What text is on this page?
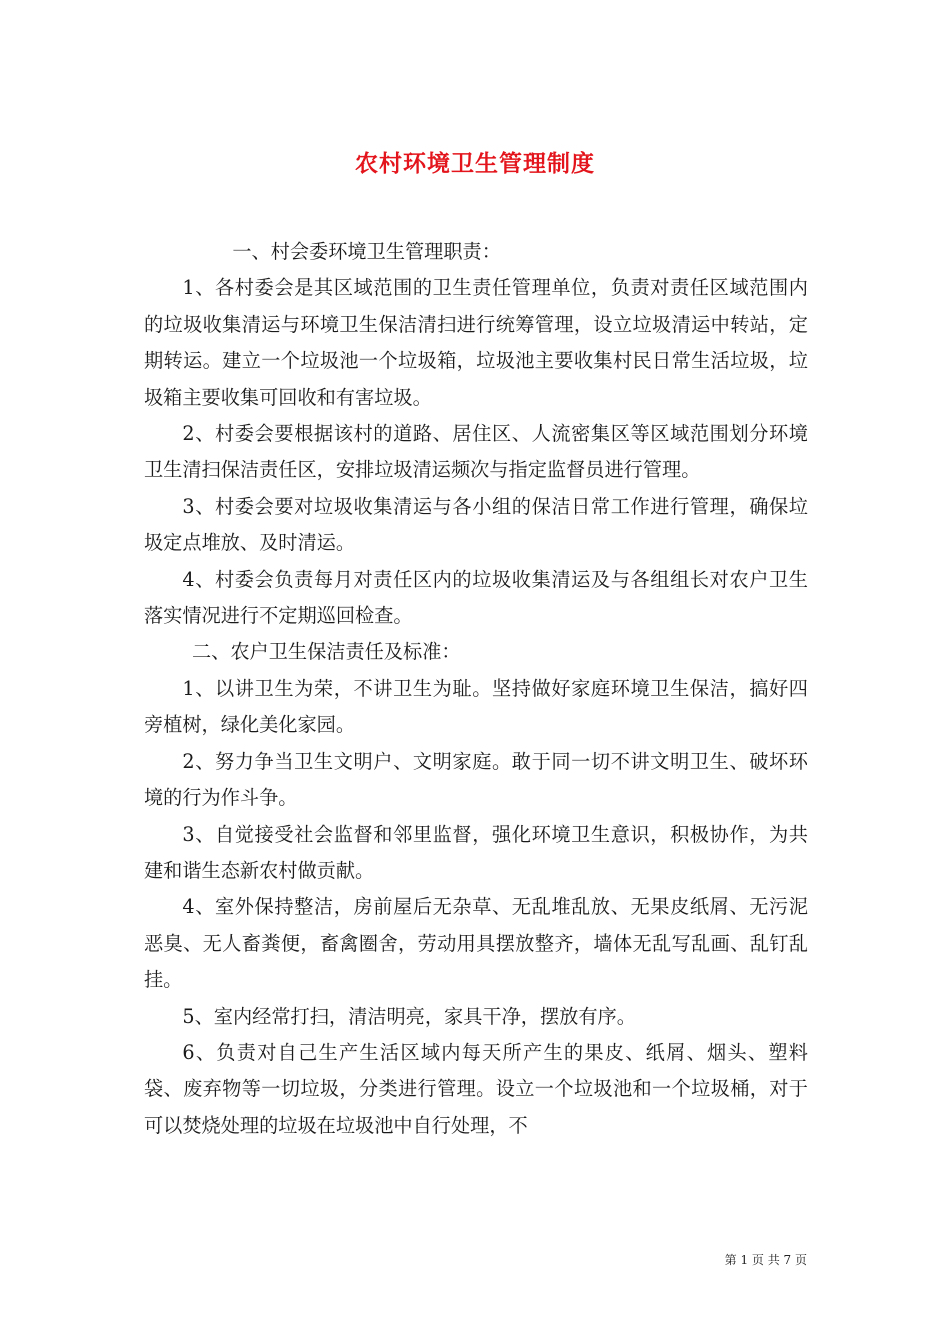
农村环境卫生管理制度

一、村会委环境卫生管理职责：

1、各村委会是其区域范围的卫生责任管理单位，负责对责任区域范围内的垃圾收集清运与环境卫生保洁清扫进行统筹管理，设立垃圾清运中转站，定期转运。建立一个垃圾池一个垃圾箱，垃圾池主要收集村民日常生活垃圾，垃圾箱主要收集可回收和有害垃圾。

2、村委会要根据该村的道路、居住区、人流密集区等区域范围划分环境卫生清扫保洁责任区，安排垃圾清运频次与指定监督员进行管理。

3、村委会要对垃圾收集清运与各小组的保洁日常工作进行管理，确保垃圾定点堆放、及时清运。

4、村委会负责每月对责任区内的垃圾收集清运及与各组组长对农户卫生落实情况进行不定期巡回检查。

二、农户卫生保洁责任及标准：

1、以讲卫生为荣，不讲卫生为耻。坚持做好家庭环境卫生保洁，搞好四旁植树，绿化美化家园。

2、努力争当卫生文明户、文明家庭。敢于同一切不讲文明卫生、破坏环境的行为作斗争。

3、自觉接受社会监督和邻里监督，强化环境卫生意识，积极协作，为共建和谐生态新农村做贡献。

4、室外保持整洁，房前屋后无杂草、无乱堆乱放、无果皮纸屑、无污泥恶臭、无人畜粪便，畜禽圈舍，劳动用具摆放整齐，墙体无乱写乱画、乱钉乱挂。

5、室内经常打扫，清洁明亮，家具干净，摆放有序。

6、负责对自己生产生活区域内每天所产生的果皮、纸屑、烟头、塑料袋、废弃物等一切垃圾，分类进行管理。设立一个垃圾池和一个垃圾桶，对于可以焚烧处理的垃圾在垃圾池中自行处理，不

第 1 页 共 7 页
